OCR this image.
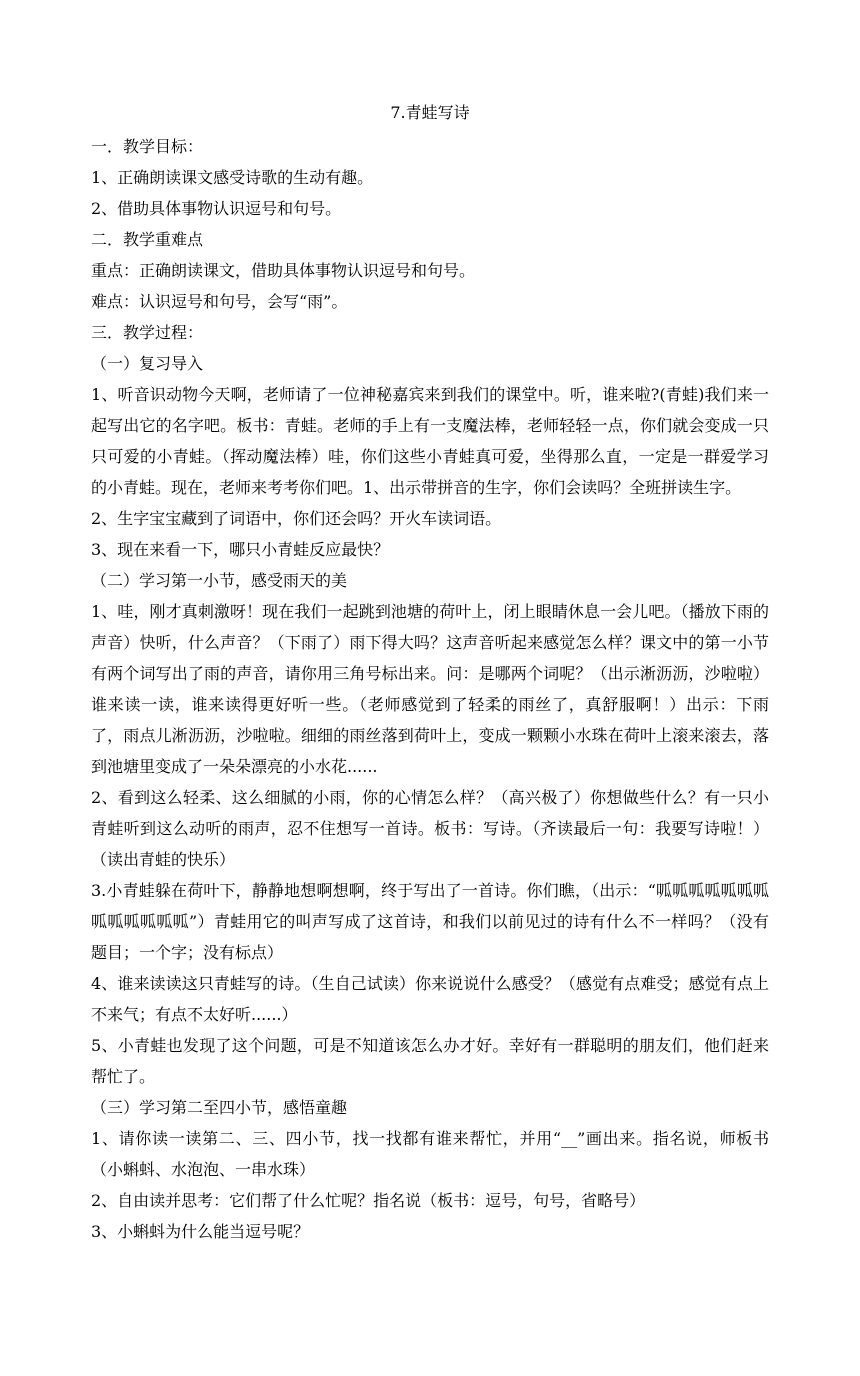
7.青蛙写诗

一．教学目标：

1、正确朗读课文感受诗歌的生动有趣。

2、借助具体事物认识逗号和句号。

二．教学重难点

重点：正确朗读课文，借助具体事物认识逗号和句号。

难点：认识逗号和句号，会写“雨”。

三．教学过程：

（一）复习导入

1、听音识动物今天啊，老师请了一位神秘嘉宾来到我们的课堂中。听，谁来啦?(青蛙)我们来一起写出它的名字吧。板书：青蛙。老师的手上有一支魔法棒，老师轻轻一点，你们就会变成一只只可爱的小青蛙。（挥动魔法棒）哇，你们这些小青蛙真可爱，坐得那么直，一定是一群爱学习的小青蛙。现在，老师来考考你们吧。1、出示带拼音的生字，你们会读吗？全班拼读生字。

2、生字宝宝藏到了词语中，你们还会吗？开火车读词语。

3、现在来看一下，哪只小青蛙反应最快？

（二）学习第一小节，感受雨天的美

1、哇，刚才真刺激呀！现在我们一起跳到池塘的荷叶上，闭上眼睛休息一会儿吧。（播放下雨的声音）快听，什么声音？（下雨了）雨下得大吗？这声音听起来感觉怎么样？课文中的第一小节有两个词写出了雨的声音，请你用三角号标出来。问：是哪两个词呢？（出示淅沥沥，沙啦啦）谁来读一读，谁来读得更好听一些。（老师感觉到了轻柔的雨丝了，真舒服啊！）出示：下雨了，雨点儿淅沥沥，沙啦啦。细细的雨丝落到荷叶上，变成一颗颗小水珠在荷叶上滚来滚去，落到池塘里变成了一朵朵漂亮的小水花......

2、看到这么轻柔、这么细腻的小雨，你的心情怎么样？（高兴极了）你想做些什么？有一只小青蛙听到这么动听的雨声，忍不住想写一首诗。板书：写诗。（齐读最后一句：我要写诗啦！）（读出青蛙的快乐）

3.小青蛙躲在荷叶下，静静地想啊想啊，终于写出了一首诗。你们瞧，（出示：“呱呱呱呱呱呱呱呱呱呱呱呱呱”）青蛙用它的叫声写成了这首诗，和我们以前见过的诗有什么不一样吗？（没有题目；一个字；没有标点）

4、谁来读读这只青蛙写的诗。（生自己试读）你来说说什么感受？（感觉有点难受；感觉有点上不来气；有点不太好听......）

5、小青蛙也发现了这个问题，可是不知道该怎么办才好。幸好有一群聪明的朋友们，他们赶来帮忙了。

（三）学习第二至四小节，感悟童趣

1、请你读一读第二、三、四小节，找一找都有谁来帮忙，并用“__”画出来。指名说，师板书（小蝌蚪、水泡泡、一串水珠）

2、自由读并思考：它们帮了什么忙呢？指名说（板书：逗号，句号，省略号）

3、小蝌蚪为什么能当逗号呢？
